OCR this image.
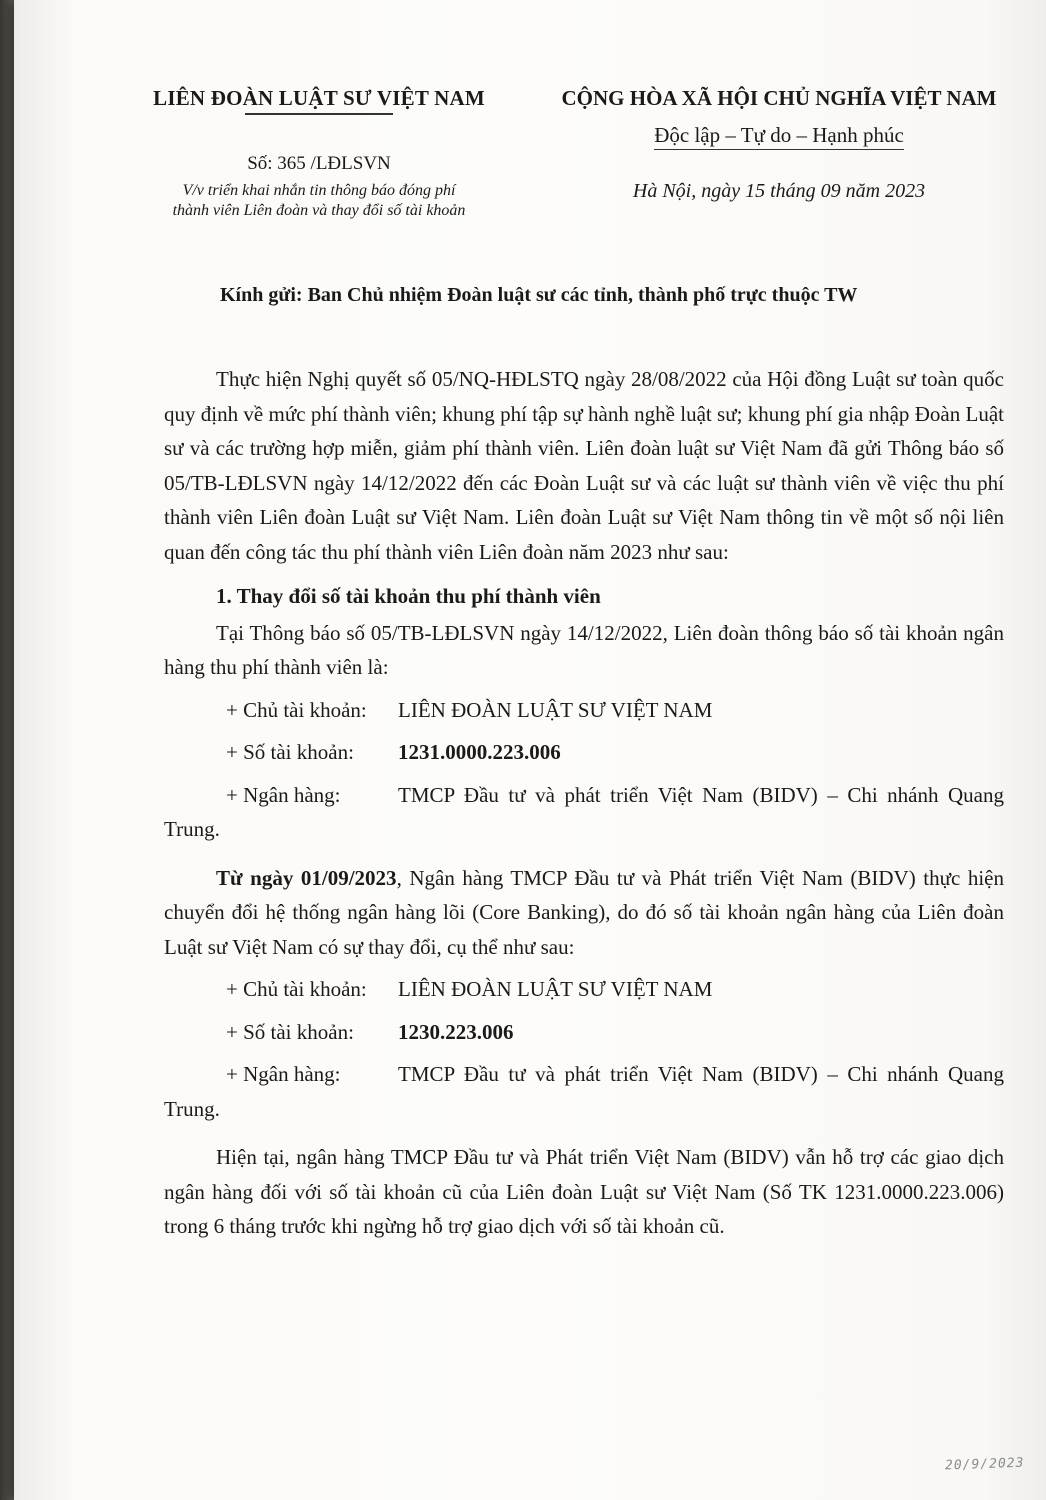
LIÊN ĐOÀN LUẬT SƯ VIỆT NAM
Số: 365 /LĐLSVN
V/v triển khai nhắn tin thông báo đóng phí
thành viên Liên đoàn và thay đổi số tài khoản
CỘNG HÒA XÃ HỘI CHỦ NGHĨA VIỆT NAM
Độc lập – Tự do – Hạnh phúc
Hà Nội, ngày 15 tháng 09 năm 2023
Kính gửi: Ban Chủ nhiệm Đoàn luật sư các tỉnh, thành phố trực thuộc TW

Thực hiện Nghị quyết số 05/NQ-HĐLSTQ ngày 28/08/2022 của Hội đồng Luật sư toàn quốc quy định về mức phí thành viên; khung phí tập sự hành nghề luật sư; khung phí gia nhập Đoàn Luật sư và các trường hợp miễn, giảm phí thành viên. Liên đoàn luật sư Việt Nam đã gửi Thông báo số 05/TB-LĐLSVN ngày 14/12/2022 đến các Đoàn Luật sư và các luật sư thành viên về việc thu phí thành viên Liên đoàn Luật sư Việt Nam. Liên đoàn Luật sư Việt Nam thông tin về một số nội liên quan đến công tác thu phí thành viên Liên đoàn năm 2023 như sau:

1. Thay đổi số tài khoản thu phí thành viên

Tại Thông báo số 05/TB-LĐLSVN ngày 14/12/2022, Liên đoàn thông báo số tài khoản ngân hàng thu phí thành viên là:

+ Chủ tài khoản:	LIÊN ĐOÀN LUẬT SƯ VIỆT NAM
+ Số tài khoản:	1231.0000.223.006
+ Ngân hàng:	TMCP Đầu tư và phát triển Việt Nam (BIDV) – Chi nhánh Quang Trung.

Từ ngày 01/09/2023, Ngân hàng TMCP Đầu tư và Phát triển Việt Nam (BIDV) thực hiện chuyển đổi hệ thống ngân hàng lõi (Core Banking), do đó số tài khoản ngân hàng của Liên đoàn Luật sư Việt Nam có sự thay đổi, cụ thể như sau:

+ Chủ tài khoản:	LIÊN ĐOÀN LUẬT SƯ VIỆT NAM
+ Số tài khoản:	1230.223.006
+ Ngân hàng:	TMCP Đầu tư và phát triển Việt Nam (BIDV) – Chi nhánh Quang Trung.

Hiện tại, ngân hàng TMCP Đầu tư và Phát triển Việt Nam (BIDV) vẫn hỗ trợ các giao dịch ngân hàng đối với số tài khoản cũ của Liên đoàn Luật sư Việt Nam (Số TK 1231.0000.223.006) trong 6 tháng trước khi ngừng hỗ trợ giao dịch với số tài khoản cũ.

20/9/2023
